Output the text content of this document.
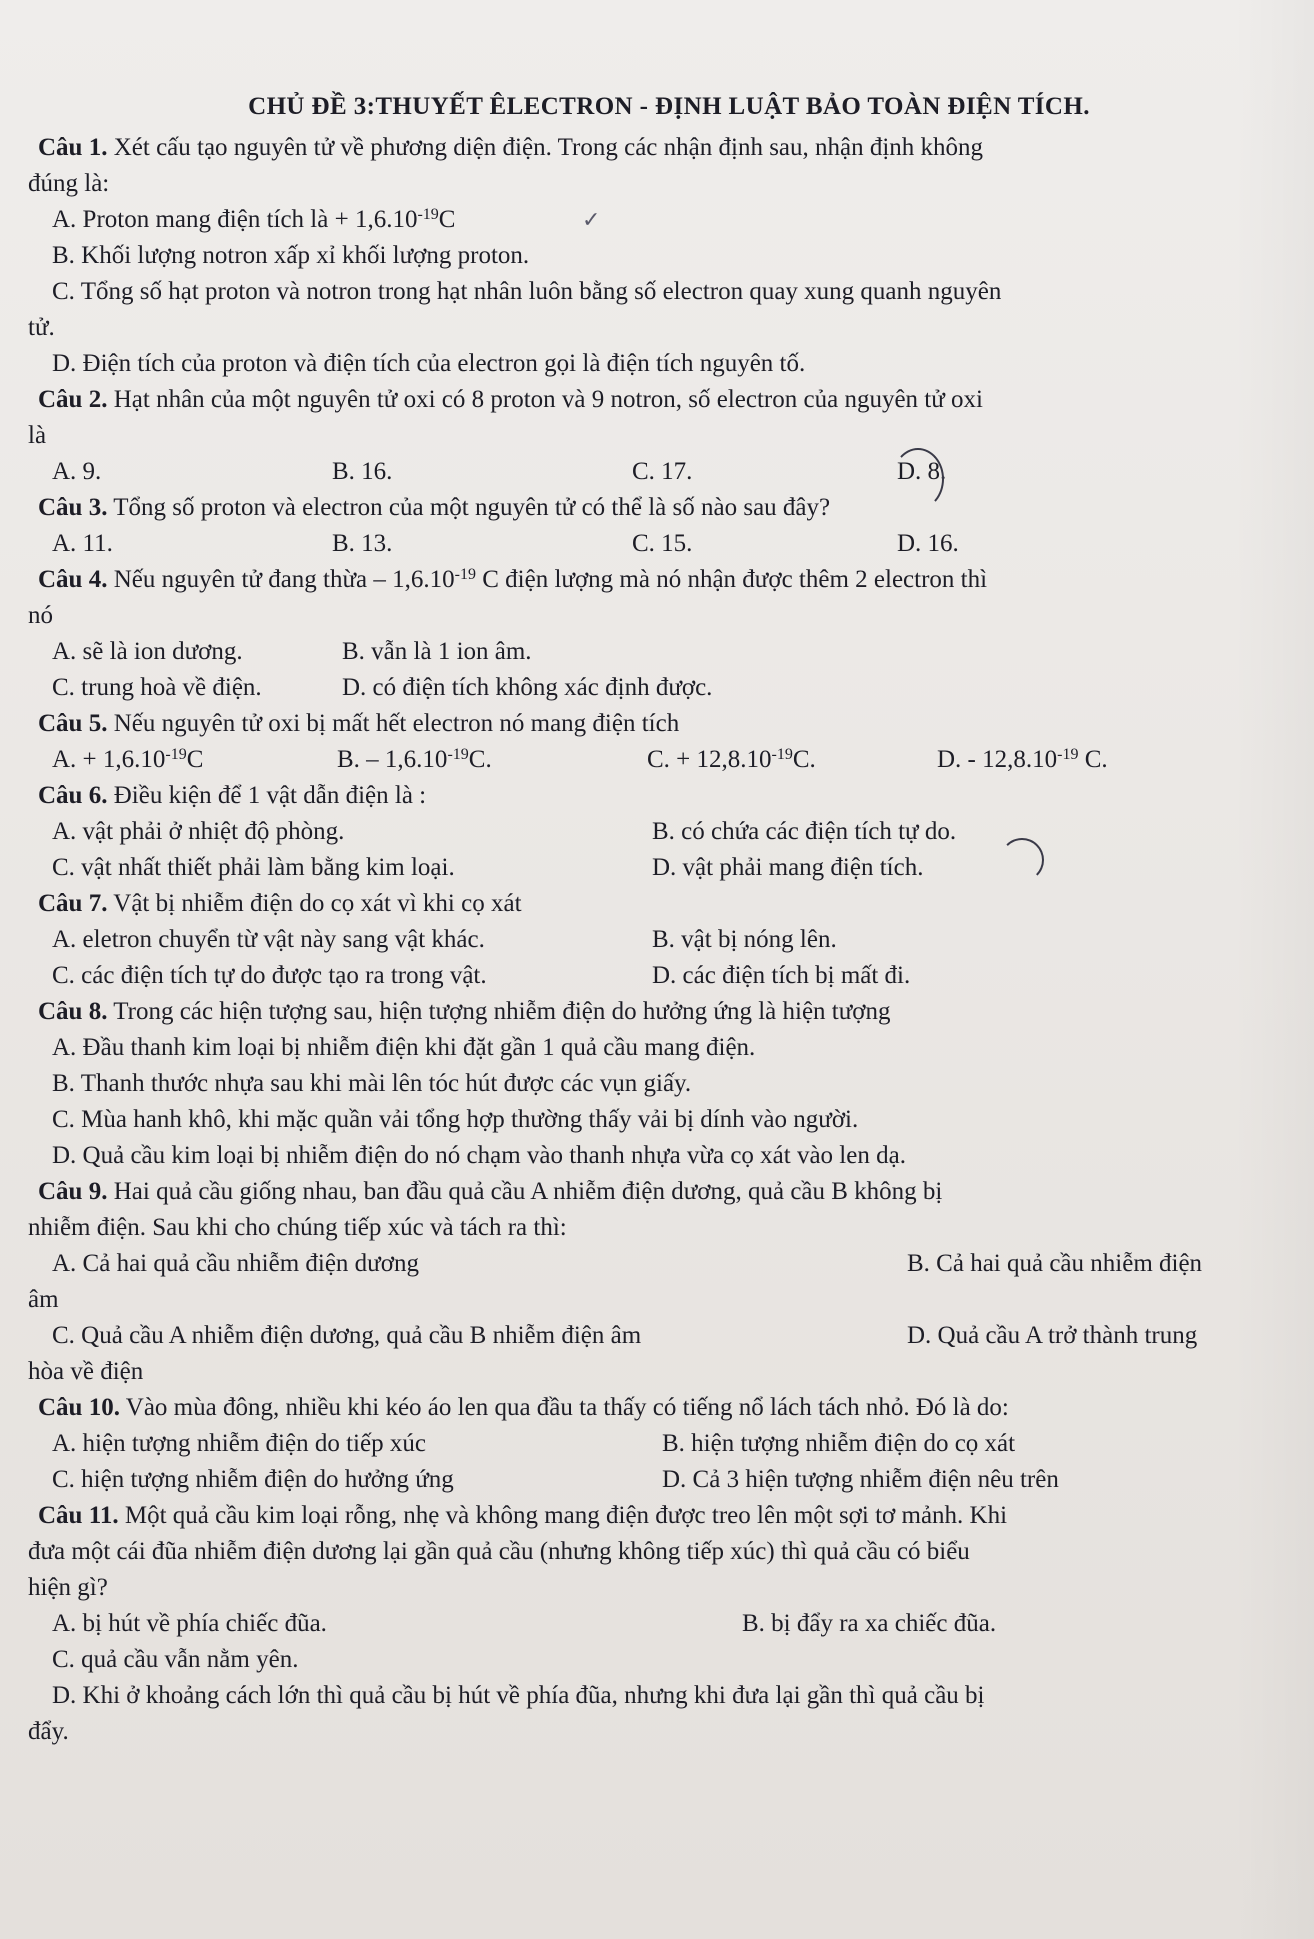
CHỦ ĐỀ 3:THUYẾT ÊLECTRON - ĐỊNH LUẬT BẢO TOÀN ĐIỆN TÍCH.
Câu 1. Xét cấu tạo nguyên tử về phương diện điện. Trong các nhận định sau, nhận định không
đúng là:
A. Proton mang điện tích là + $1,6.10^{-19}C$
B. Khối lượng notron xấp xỉ khối lượng proton.
C. Tổng số hạt proton và notron trong hạt nhân luôn bằng số electron quay xung quanh nguyên
tử.
D. Điện tích của proton và điện tích của electron gọi là điện tích nguyên tố.
Câu 2. Hạt nhân của một nguyên tử oxi có 8 proton và 9 notron, số electron của nguyên tử oxi
là
A. 9.	B. 16.	C. 17.	D. 8.
Câu 3. Tổng số proton và electron của một nguyên tử có thể là số nào sau đây?
A. 11.	B. 13.	C. 15.	D. 16.
Câu 4. Nếu nguyên tử đang thừa – $1,6.10^{-19}$ C điện lượng mà nó nhận được thêm 2 electron thì
nó
A. sẽ là ion dương.	B. vẫn là 1 ion âm.
C. trung hoà về điện.	D. có điện tích không xác định được.
Câu 5. Nếu nguyên tử oxi bị mất hết electron nó mang điện tích
A. + $1,6.10^{-19}C$	B. – $1,6.10^{-19}C$.	C. + $12,8.10^{-19}C$.	D. - $12,8.10^{-19}$ C.
Câu 6. Điều kiện để 1 vật dẫn điện là :
A. vật phải ở nhiệt độ phòng.	B. có chứa các điện tích tự do.
C. vật nhất thiết phải làm bằng kim loại.	D. vật phải mang điện tích.
Câu 7. Vật bị nhiễm điện do cọ xát vì khi cọ xát
A. eletron chuyển từ vật này sang vật khác.	B. vật bị nóng lên.
C. các điện tích tự do được tạo ra trong vật.	D. các điện tích bị mất đi.
Câu 8. Trong các hiện tượng sau, hiện tượng nhiễm điện do hưởng ứng là hiện tượng
A. Đầu thanh kim loại bị nhiễm điện khi đặt gần 1 quả cầu mang điện.
B. Thanh thước nhựa sau khi mài lên tóc hút được các vụn giấy.
C. Mùa hanh khô, khi mặc quần vải tổng hợp thường thấy vải bị dính vào người.
D. Quả cầu kim loại bị nhiễm điện do nó chạm vào thanh nhựa vừa cọ xát vào len dạ.
Câu 9. Hai quả cầu giống nhau, ban đầu quả cầu A nhiễm điện dương, quả cầu B không bị
nhiễm điện. Sau khi cho chúng tiếp xúc và tách ra thì:
A. Cả hai quả cầu nhiễm điện dương	B. Cả hai quả cầu nhiễm điện
âm
C. Quả cầu A nhiễm điện dương, quả cầu B nhiễm điện âm	D. Quả cầu A trở thành trung
hòa về điện
Câu 10. Vào mùa đông, nhiều khi kéo áo len qua đầu ta thấy có tiếng nổ lách tách nhỏ. Đó là do:
A. hiện tượng nhiễm điện do tiếp xúc	B. hiện tượng nhiễm điện do cọ xát
C. hiện tượng nhiễm điện do hưởng ứng	D. Cả 3 hiện tượng nhiễm điện nêu trên
Câu 11. Một quả cầu kim loại rỗng, nhẹ và không mang điện được treo lên một sợi tơ mảnh. Khi
đưa một cái đũa nhiễm điện dương lại gần quả cầu (nhưng không tiếp xúc) thì quả cầu có biểu
hiện gì?
A. bị hút về phía chiếc đũa.	B. bị đẩy ra xa chiếc đũa.
C. quả cầu vẫn nằm yên.
D. Khi ở khoảng cách lớn thì quả cầu bị hút về phía đũa, nhưng khi đưa lại gần thì quả cầu bị
đẩy.
✓
